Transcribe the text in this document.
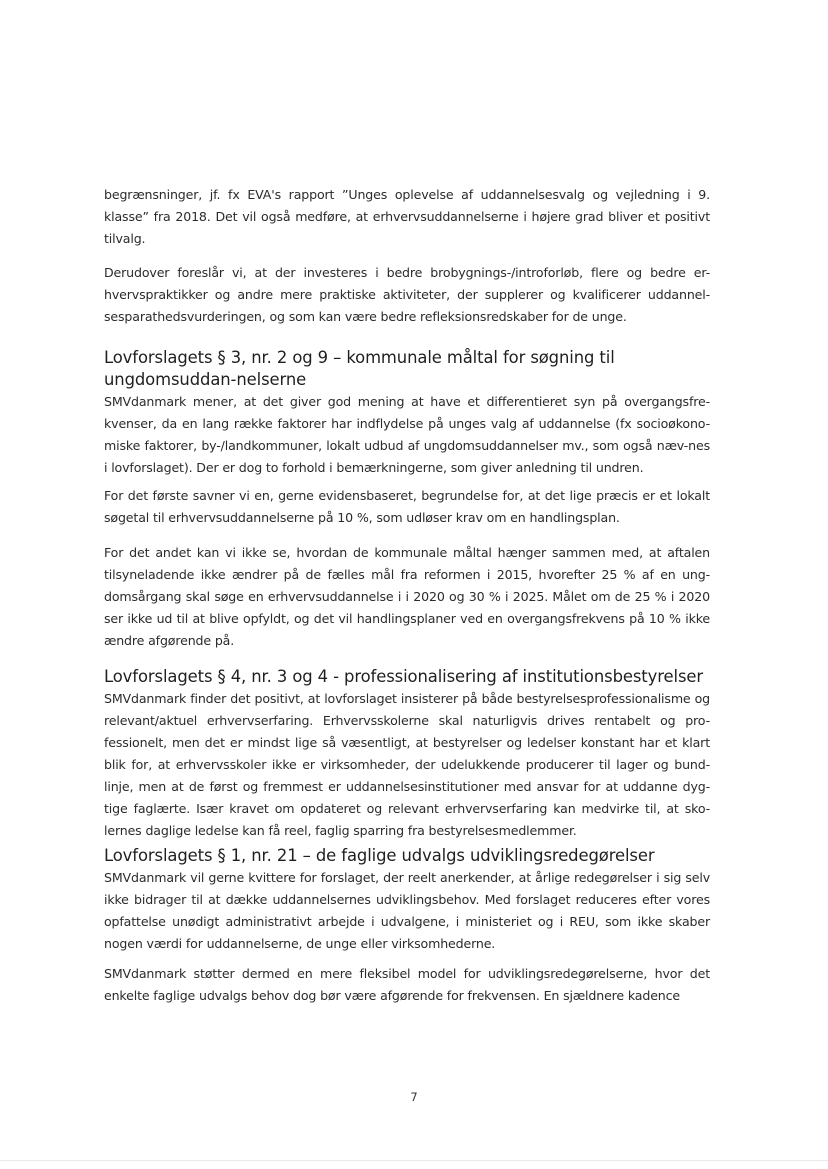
begrænsninger, jf. fx EVA's rapport ”Unges oplevelse af uddannelsesvalg og vejledning i 9. klasse” fra 2018. Det vil også medføre, at erhvervsuddannelserne i højere grad bliver et positivt tilvalg.

Derudover foreslår vi, at der investeres i bedre brobygnings-/introforløb, flere og bedre er-hvervspraktikker og andre mere praktiske aktiviteter, der supplerer og kvalificerer uddannel-sesparathedsvurderingen, og som kan være bedre refleksionsredskaber for de unge.

Lovforslagets § 3, nr. 2 og 9 – kommunale måltal for søgning til ungdomsuddan-nelserne

SMVdanmark mener, at det giver god mening at have et differentieret syn på overgangsfre-kvenser, da en lang række faktorer har indflydelse på unges valg af uddannelse (fx socioøkono-miske faktorer, by-/landkommuner, lokalt udbud af ungdomsuddannelser mv., som også næv-nes i lovforslaget). Der er dog to forhold i bemærkningerne, som giver anledning til undren.

For det første savner vi en, gerne evidensbaseret, begrundelse for, at det lige præcis er et lokalt søgetal til erhvervsuddannelserne på 10 %, som udløser krav om en handlingsplan.

For det andet kan vi ikke se, hvordan de kommunale måltal hænger sammen med, at aftalen tilsyneladende ikke ændrer på de fælles mål fra reformen i 2015, hvorefter 25 % af en ung-domsårgang skal søge en erhvervsuddannelse i i 2020 og 30 % i 2025. Målet om de 25 % i 2020 ser ikke ud til at blive opfyldt, og det vil handlingsplaner ved en overgangsfrekvens på 10 % ikke ændre afgørende på.

Lovforslagets § 4, nr. 3 og 4 - professionalisering af institutionsbestyrelser

SMVdanmark finder det positivt, at lovforslaget insisterer på både bestyrelsesprofessionalisme og relevant/aktuel erhvervserfaring. Erhvervsskolerne skal naturligvis drives rentabelt og pro-fessionelt, men det er mindst lige så væsentligt, at bestyrelser og ledelser konstant har et klart blik for, at erhvervsskoler ikke er virksomheder, der udelukkende producerer til lager og bund-linje, men at de først og fremmest er uddannelsesinstitutioner med ansvar for at uddanne dyg-tige faglærte. Især kravet om opdateret og relevant erhvervserfaring kan medvirke til, at sko-lernes daglige ledelse kan få reel, faglig sparring fra bestyrelsesmedlemmer.

Lovforslagets § 1, nr. 21 – de faglige udvalgs udviklingsredegørelser

SMVdanmark vil gerne kvittere for forslaget, der reelt anerkender, at årlige redegørelser i sig selv ikke bidrager til at dække uddannelsernes udviklingsbehov. Med forslaget reduceres efter vores opfattelse unødigt administrativt arbejde i udvalgene, i ministeriet og i REU, som ikke skaber nogen værdi for uddannelserne, de unge eller virksomhederne.

SMVdanmark støtter dermed en mere fleksibel model for udviklingsredegørelserne, hvor det enkelte faglige udvalgs behov dog bør være afgørende for frekvensen. En sjældnere kadence

7
